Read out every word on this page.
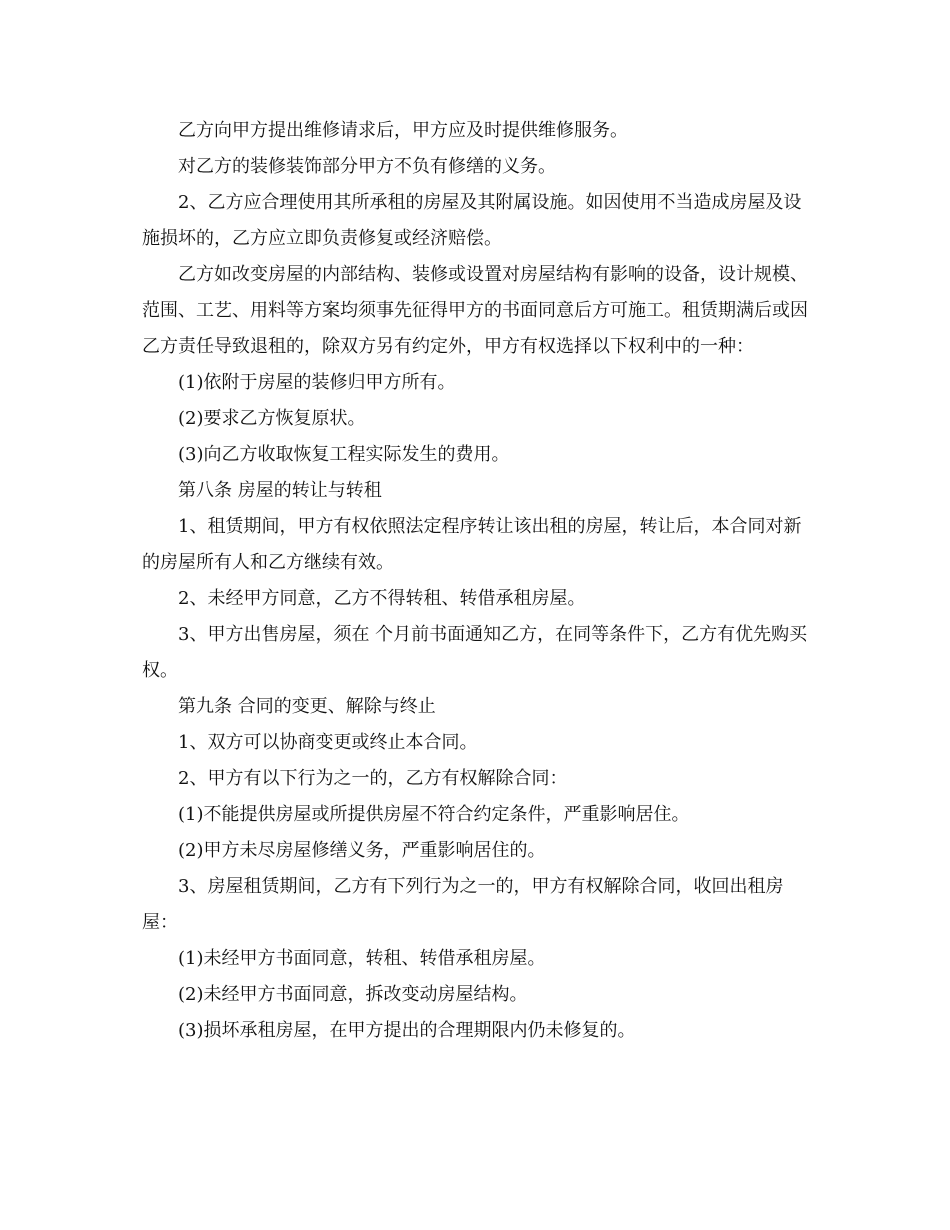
乙方向甲方提出维修请求后，甲方应及时提供维修服务。

对乙方的装修装饰部分甲方不负有修缮的义务。

2、乙方应合理使用其所承租的房屋及其附属设施。如因使用不当造成房屋及设施损坏的，乙方应立即负责修复或经济赔偿。

乙方如改变房屋的内部结构、装修或设置对房屋结构有影响的设备，设计规模、范围、工艺、用料等方案均须事先征得甲方的书面同意后方可施工。租赁期满后或因乙方责任导致退租的，除双方另有约定外，甲方有权选择以下权利中的一种：

(1)依附于房屋的装修归甲方所有。

(2)要求乙方恢复原状。

(3)向乙方收取恢复工程实际发生的费用。

第八条 房屋的转让与转租

1、租赁期间，甲方有权依照法定程序转让该出租的房屋，转让后，本合同对新的房屋所有人和乙方继续有效。

2、未经甲方同意，乙方不得转租、转借承租房屋。

3、甲方出售房屋，须在 个月前书面通知乙方，在同等条件下，乙方有优先购买权。

第九条 合同的变更、解除与终止

1、双方可以协商变更或终止本合同。

2、甲方有以下行为之一的，乙方有权解除合同：

(1)不能提供房屋或所提供房屋不符合约定条件，严重影响居住。

(2)甲方未尽房屋修缮义务，严重影响居住的。

3、房屋租赁期间，乙方有下列行为之一的，甲方有权解除合同，收回出租房屋：

(1)未经甲方书面同意，转租、转借承租房屋。

(2)未经甲方书面同意，拆改变动房屋结构。

(3)损坏承租房屋，在甲方提出的合理期限内仍未修复的。
